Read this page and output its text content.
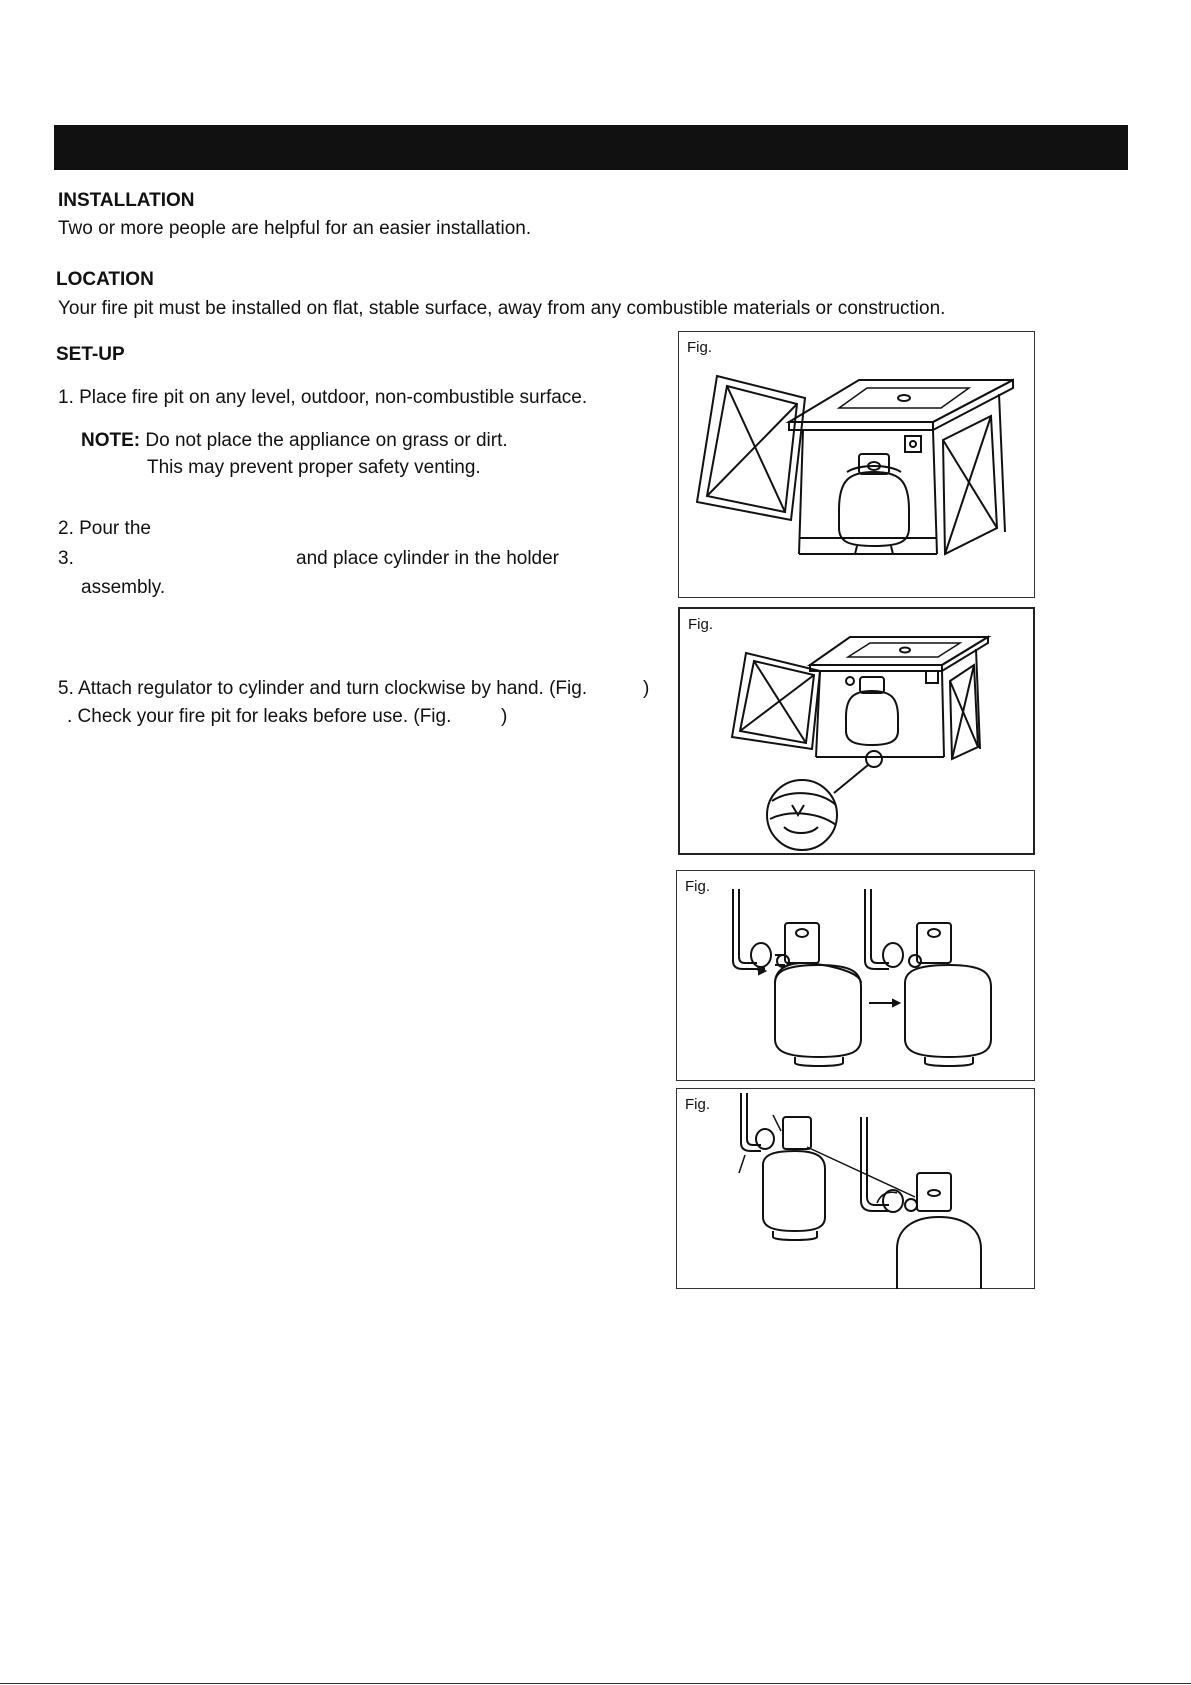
INSTALLATION
Two or more people are helpful for an easier installation.
LOCATION
Your fire pit must be installed on flat, stable surface, away from any combustible materials or construction.
SET-UP
1. Place fire pit on any level, outdoor, non-combustible surface.
NOTE: Do not place the appliance on grass or dirt.
This may prevent proper safety venting.
2. Pour the
3.	and place cylinder in the holder
assembly.
5. Attach regulator to cylinder and turn clockwise by hand. (Fig.	)
. Check your fire pit for leaks before use. (Fig.	)
Fig.
Fig.
Fig.
Fig.
